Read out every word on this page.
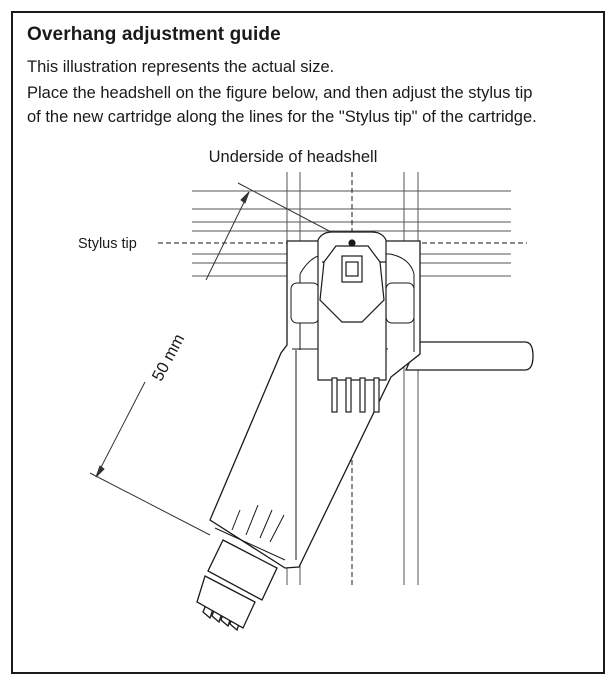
Overhang adjustment guide
This illustration represents the actual size.
Place the headshell on the figure below, and then adjust the stylus tip
of the new cartridge along the lines for the "Stylus tip" of the cartridge.
Underside of headshell
Stylus tip
50 mm
